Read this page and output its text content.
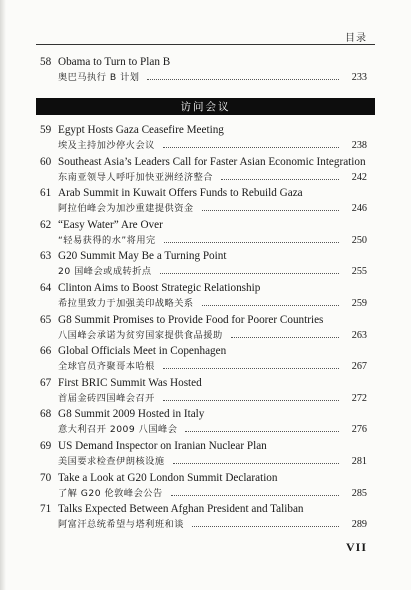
目录
58 Obama to Turn to Plan B
奥巴马执行 B 计划	233
访问会议
59 Egypt Hosts Gaza Ceasefire Meeting
埃及主持加沙停火会议	238
60 Southeast Asia’s Leaders Call for Faster Asian Economic Integration
东南亚领导人呼吁加快亚洲经济整合	242
61 Arab Summit in Kuwait Offers Funds to Rebuild Gaza
阿拉伯峰会为加沙重建提供资金	246
62 “Easy Water” Are Over
“轻易获得的水”将用完	250
63 G20 Summit May Be a Turning Point
20 国峰会或成转折点	255
64 Clinton Aims to Boost Strategic Relationship
希拉里致力于加强美印战略关系	259
65 G8 Summit Promises to Provide Food for Poorer Countries
八国峰会承诺为贫穷国家提供食品援助	263
66 Global Officials Meet in Copenhagen
全球官员齐聚哥本哈根	267
67 First BRIC Summit Was Hosted
首届金砖四国峰会召开	272
68 G8 Summit 2009 Hosted in Italy
意大利召开 2009 八国峰会	276
69 US Demand Inspector on Iranian Nuclear Plan
美国要求检查伊朗核设施	281
70 Take a Look at G20 London Summit Declaration
了解 G20 伦敦峰会公告	285
71 Talks Expected Between Afghan President and Taliban
阿富汗总统希望与塔利班和谈	289
VII
